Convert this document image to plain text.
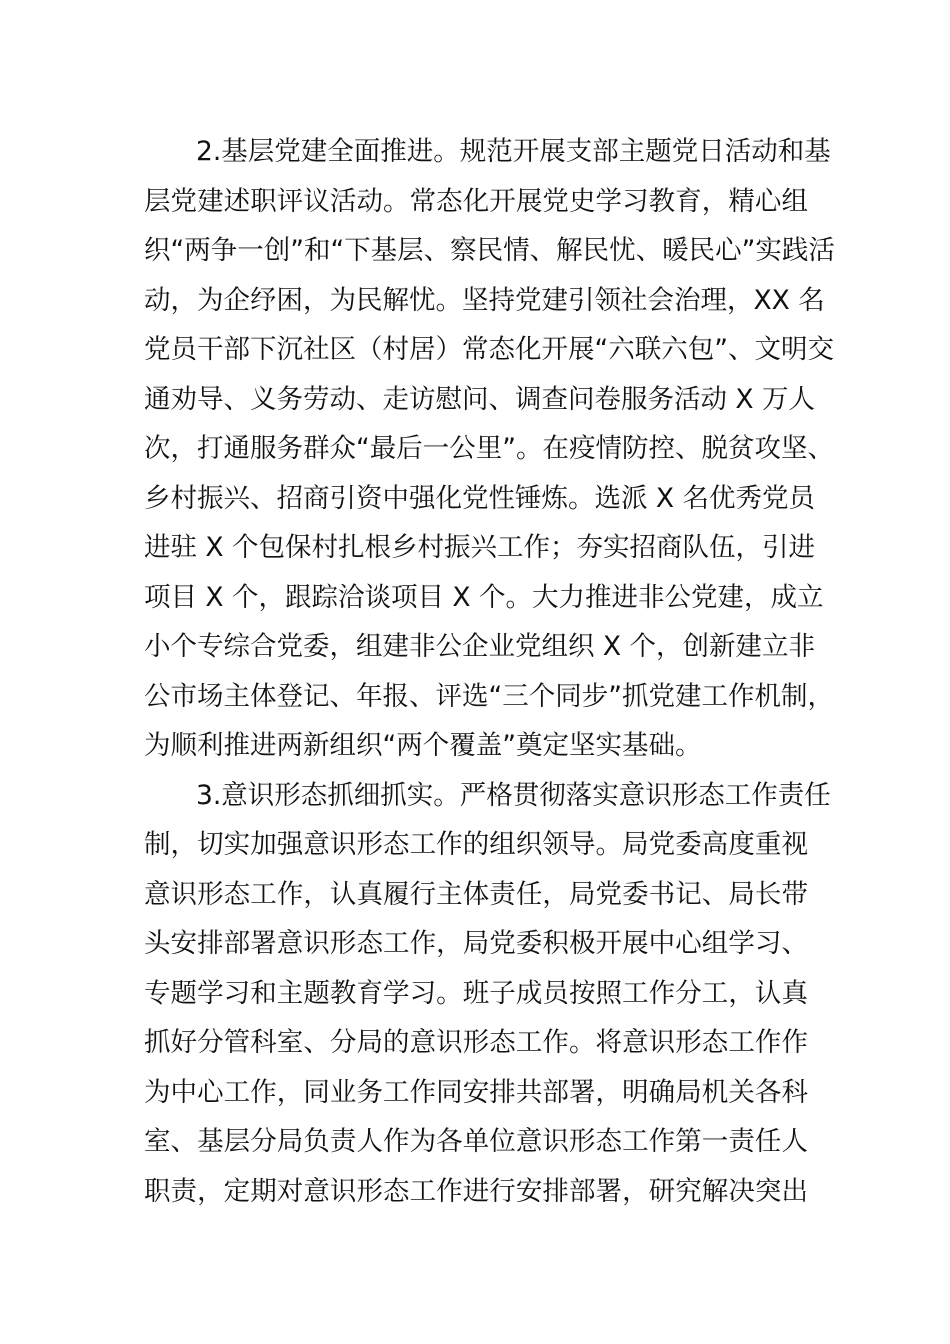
2.基层党建全面推进。规范开展支部主题党日活动和基
层党建述职评议活动。常态化开展党史学习教育，精心组
织“两争一创”和“下基层、察民情、解民忧、暖民心”实践活
动，为企纾困，为民解忧。坚持党建引领社会治理，XX 名
党员干部下沉社区（村居）常态化开展“六联六包”、文明交
通劝导、义务劳动、走访慰问、调查问卷服务活动 X 万人
次，打通服务群众“最后一公里”。在疫情防控、脱贫攻坚、
乡村振兴、招商引资中强化党性锤炼。选派 X 名优秀党员
进驻 X 个包保村扎根乡村振兴工作；夯实招商队伍，引进
项目 X 个，跟踪洽谈项目 X 个。大力推进非公党建，成立
小个专综合党委，组建非公企业党组织 X 个，创新建立非
公市场主体登记、年报、评选“三个同步”抓党建工作机制，
为顺利推进两新组织“两个覆盖”奠定坚实基础。
3.意识形态抓细抓实。严格贯彻落实意识形态工作责任
制，切实加强意识形态工作的组织领导。局党委高度重视
意识形态工作，认真履行主体责任，局党委书记、局长带
头安排部署意识形态工作，局党委积极开展中心组学习、
专题学习和主题教育学习。班子成员按照工作分工，认真
抓好分管科室、分局的意识形态工作。将意识形态工作作
为中心工作，同业务工作同安排共部署，明确局机关各科
室、基层分局负责人作为各单位意识形态工作第一责任人
职责，定期对意识形态工作进行安排部署，研究解决突出
